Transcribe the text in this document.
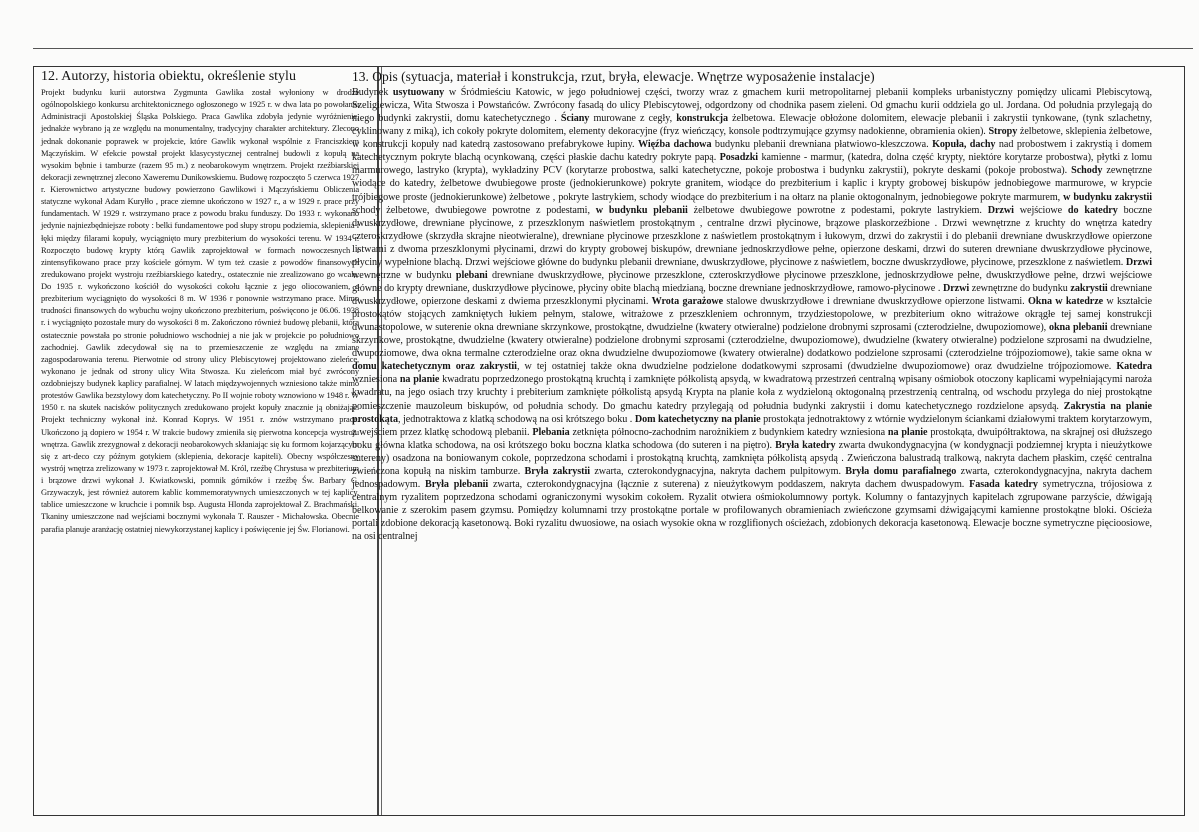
12. Autorzy, historia obiektu, określenie stylu
Projekt budynku kurii autorstwa Zygmunta Gawlika został wyłoniony w drodze ogólnopolskiego konkursu architektonicznego ogłoszonego w 1925 r. w dwa lata po powołaniu Administracji Apostolskiej Śląska Polskiego. Praca Gawlika zdobyła jedynie wyróżnienie, jednakże wybrano ją ze względu na monumentalny, tradycyjny charakter architektury. Zlecono jednak dokonanie poprawek w projekcie, które Gawlik wykonał wspólnie z Franciszkiem Mączyńskim. W efekcie powstał projekt klasycystycznej centralnej budowli z kopułą na wysokim bębnie i tamburze (razem 95 m.) z neobarokowym wnętrzem. Projekt rzeźbiarskiej dekoracji zewnętrznej zlecono Xaweremu Dunikowskiemu. Budowę rozpoczęto 5 czerwca 1927 r. Kierownictwo artystyczne budowy powierzono Gawlikowi i Mączyńskiemu Obliczenia statyczne wykonał Adam Kuryłło , prace ziemne ukończono w 1927 r., a w 1929 r. prace przy fundamentach. W 1929 r. wstrzymano prace z powodu braku funduszy. Do 1933 r. wykonano jedynie najniezbędniejsze roboty : belki fundamentowe pod słupy stropu podziemia, sklepienia i łęki między filarami kopuły, wyciągnięto mury prezbiterium do wysokości terenu. W 1934 r. Rozpoczęto budowę krypty którą Gawlik zaprojektował w formach nowoczesnych i zintensyfikowano prace przy kościele górnym. W tym też czasie z powodów finansowych zredukowano projekt wystroju rzeźbiarskiego katedry., ostatecznie nie zrealizowano go wcale. Do 1935 r. wykończono kościół do wysokości cokołu łącznie z jego oliocowaniem, a prezbiterium wyciągnięto do wysokości 8 m. W 1936 r ponownie wstrzymano prace. Mimo trudności finansowych do wybuchu wojny ukończono prezbiterium, poświęcono je 06.06. 1938 r. i wyciągnięto pozostałe mury do wysokości 8 m. Zakończono również budowę plebanii, która ostatecznie powstała po stronie południowo wschodniej a nie jak w projekcie po południowo zachodniej. Gawlik zdecydował się na to przemieszczenie ze względu na zmianę zagospodarowania terenu. Pierwotnie od strony ulicy Plebiscytowej projektowano zieleńce, wykonano je jednak od strony ulicy Wita Stwosza. Ku zieleńcom miał być zwrócony ozdobniejszy budynek kaplicy parafialnej. W latach międzywojennych wzniesiono także mimo protestów Gawlika bezstylowy dom katechetyczny. Po II wojnie roboty wznowiono w 1948 r. W 1950 r. na skutek nacisków politycznych zredukowano projekt kopuły znacznie ją obniżając. Projekt techniczny wykonał inż. Konrad Koprys. W 1951 r. znów wstrzymano prace. Ukończono ją dopiero w 1954 r. W trakcie budowy zmieniła się pierwotna koncepcja wystroju wnętrza. Gawlik zrezygnował z dekoracji neobarokowych skłaniając się ku formom kojarzącym się z art-deco czy późnym gotykiem (sklepienia, dekoracje kapiteli). Obecny współczesny wystrój wnętrza zrelizowany w 1973 r. zaprojektował M. Król, rzeźbę Chrystusa w prezbiterium i brązowe drzwi wykonał J. Kwiatkowski, pomnik górników i rzeźbę Św. Barbary G. Grzywaczyk, jest również autorem kablic kommemoratywnych umieszczonych w tej kaplicy, tablice umieszczone w kruchcie i pomnik bsp. Augusta Hlonda zaprojektował Z. Brachmański. Tkaniny umieszczone nad wejściami bocznymi wykonała T. Rauszer - Michałowska. Obecnie parafia planuje aranżację ostatniej niewykorzystanej kaplicy i poświęcenie jej Św. Florianowi.
13. Opis (sytuacja, materiał i konstrukcja, rzut, bryła, elewacje. Wnętrze wyposażenie instalacje)
Budynek usytuowany w Śródmieściu Katowic, w jego południowej części, tworzy wraz z gmachem kurii metropolitarnej plebanii kompleks urbanistyczny pomiędzy ulicami Plebiscytową, Szeligiewicza, Wita Stwosza i Powstańców. Zwrócony fasadą do ulicy Plebiscytowej, odgordzony od chodnika pasem zieleni. Od gmachu kurii oddziela go ul. Jordana. Od południa przylegają do niego budynki zakrystii, domu katechetycznego . Ściany murowane z cegły, konstrukcja żelbetowa. Elewacje obłożone dolomitem, elewacje plebanii i zakrystii tynkowane, (tynk szlachetny, cyklinowany z miką), ich cokoły pokryte dolomitem, elementy dekoracyjne (fryz wieńczący, konsole podtrzymujące gzymsy nadokienne, obramienia okien). Stropy żelbetowe, sklepienia żelbetowe, w konstrukcji kopuły nad katedrą zastosowano prefabrykowe łupiny. Więźba dachowa budynku plebanii drewniana płatwiowo-kleszczowa. Kopuła, dachy nad probostwem i zakrystią i domem katechetycznym pokryte blachą ocynkowaną, części płaskie dachu katedry pokryte papą. Posadzki kamienne - marmur, (katedra, dolna część krypty, niektóre korytarze probostwa), płytki z lomu marmurowego, lastryko (krypta), wykładziny PCV (korytarze probostwa, salki katechetyczne, pokoje probostwa i budynku zakrystii), pokryte deskami (pokoje probostwa). Schody zewnętrzne wiodące do katedry, żelbetowe dwubiegowe proste (jednokierunkowe) pokryte granitem, wiodące do prezbiterium i kaplic i krypty grobowej biskupów jednobiegowe marmurowe, w krypcie trójbiegowe proste (jednokierunkowe) żelbetowe , pokryte lastrykiem, schody wiodące do prezbiterium i na ołtarz na planie oktogonalnym, jednobiegowe pokryte marmurem, w budynku zakrystii schody żelbetowe, dwubiegowe powrotne z podestami, w budynku plebanii żelbetowe dwubiegowe powrotne z podestami, pokryte lastrykiem. Drzwi wejściowe do katedry boczne dwuskrzydłowe, drewniane płycinowe, z przeszklonym naświetlem prostokątnym , centralne drzwi płycinowe, brązowe plaskorzeźbione . Drzwi wewnętrzne z kruchty do wnętrza katedry czteroskrzydłowe (skrzydła skrajne nieotwieralne), drewniane płycinowe przeszklone z naświetlem prostokątnym i łukowym, drzwi do zakrystii i do plebanii drewniane dwuskrzydłowe opierzone listwami z dwoma przeszklonymi płycinami, drzwi do krypty grobowej biskupów, drewniane jednoskrzydłowe pełne, opierzone deskami, drzwi do suteren drewniane dwuskrzydłowe płycinowe, płyciny wypełnione blachą. Drzwi wejściowe główne do budynku plebanii drewniane, dwuskrzydłowe, płycinowe z naświetlem, boczne dwuskrzydłowe, płycinowe, przeszklone z naświetlem. Drzwi wewnętrzne w budynku plebani drewniane dwuskrzydłowe, płycinowe przeszklone, czteroskrzydłowe płycinowe przeszklone, jednoskrzydłowe pełne, dwuskrzydłowe pełne, drzwi wejściowe główne do krypty drewniane, duskrzydłowe płycinowe, płyciny obite blachą miedzianą, boczne drewniane jednoskrzydłowe, ramowo-płycinowe . Drzwi zewnętrzne do budynku zakrystii drewniane dwuskrzydłowe, opierzone deskami z dwiema przeszklonymi płycinami. Wrota garażowe stalowe dwuskrzydłowe i drewniane dwuskrzydłowe opierzone listwami. Okna w katedrze w kształcie prostokątów stojących zamkniętych łukiem pełnym, stalowe, witrażowe z przeszkleniem ochronnym, trzydziestopolowe, w prezbiterium okno witrażowe okrągłe tej samej konstrukcji dwunastopolowe, w suterenie okna drewniane skrzynkowe, prostokątne, dwudzielne (kwatery otwieralne) podzielone drobnymi szprosami (czterodzielne, dwupoziomowe), okna plebanii drewniane skrzynkowe, prostokątne, dwudzielne (kwatery otwieralne) podzielone drobnymi szprosami (czterodzielne, dwupoziomowe), dwudzielne (kwatery otwieralne) podzielone szprosami na dwudzielne, dwupoziomowe, dwa okna termalne czterodzielne oraz okna dwudzielne dwupoziomowe (kwatery otwieralne) dodatkowo podzielone szprosami (czterodzielne trójpoziomowe), takie same okna w domu katechetycznym oraz zakrystii, w tej ostatniej także okna dwudzielne podzielone dodatkowymi szprosami (dwudzielne dwupoziomowe) oraz dwudzielne trójpoziomowe. Katedra wzniesiona na planie kwadratu poprzedzonego prostokątną kruchtą i zamknięte półkolistą apsydą, w kwadratową przestrzeń centralną wpisany ośmiobok otoczony kaplicami wypełniającymi naroża kwadratu, na jego osiach trzy kruchty i prebiterium zamknięte półkolistą apsydą Krypta na planie koła z wydzieloną oktogonalną przestrzenią centralną, od wschodu przylega do niej prostokątne pomieszczenie mauzoleum biskupów, od południa schody. Do gmachu katedry przylegają od południa budynki zakrystii i domu katechetycznego rozdzielone apsydą. Zakrystia na planie prostokąta, jednotraktowa z klatką schodową na osi krótszego boku . Dom katechetyczny na planie prostokąta jednotraktowy z wtórnie wydzielonym ściankami działowymi traktem korytarzowym, z wejściem przez klatkę schodową plebanii. Plebania zetknięta północno-zachodnim narożnikiem z budynkiem katedry wzniesiona na planie prostokąta, dwuipółtraktowa, na skrajnej osi dłuższego boku główna klatka schodowa, na osi krótszego boku boczna klatka schodowa (do suteren i na piętro). Bryła katedry zwarta dwukondygnacyjna (w kondygnacji podziemnej krypta i nieużytkowe sutereny) osadzona na boniowanym cokole, poprzedzona schodami i prostokątną kruchtą, zamknięta półkolistą apsydą . Zwieńczona balustradą tralkową, nakryta dachem płaskim, część centralna zwieńczona kopułą na niskim tamburze. Bryła zakrystii zwarta, czterokondygnacyjna, nakryta dachem pulpitowym. Bryła domu parafialnego zwarta, czterokondygnacyjna, nakryta dachem jednospadowym. Bryła plebanii zwarta, czterokondygnacyjna (łącznie z suterena) z nieużytkowym poddaszem, nakryta dachem dwuspadowym. Fasada katedry symetryczna, trójosiowa z centralnym ryzalitem poprzedzona schodami ograniczonymi wysokim cokołem. Ryzalit otwiera ośmiokolumnowy portyk. Kolumny o fantazyjnych kapitelach zgrupowane parzyście, dźwigają belkowanie z szerokim pasem gzymsu. Pomiędzy kolumnami trzy prostokątne portale w profilowanych obramieniach zwieńczone gzymsami dźwigającymi kamienne prostokątne bloki. Ościeża portali zdobione dekoracją kasetonową. Boki ryzalitu dwuosiowe, na osiach wysokie okna w rozglifionych ościeżach, zdobionych dekoracja kasetonową. Elewacje boczne symetryczne pięcioosiowe, na osi centralnej
